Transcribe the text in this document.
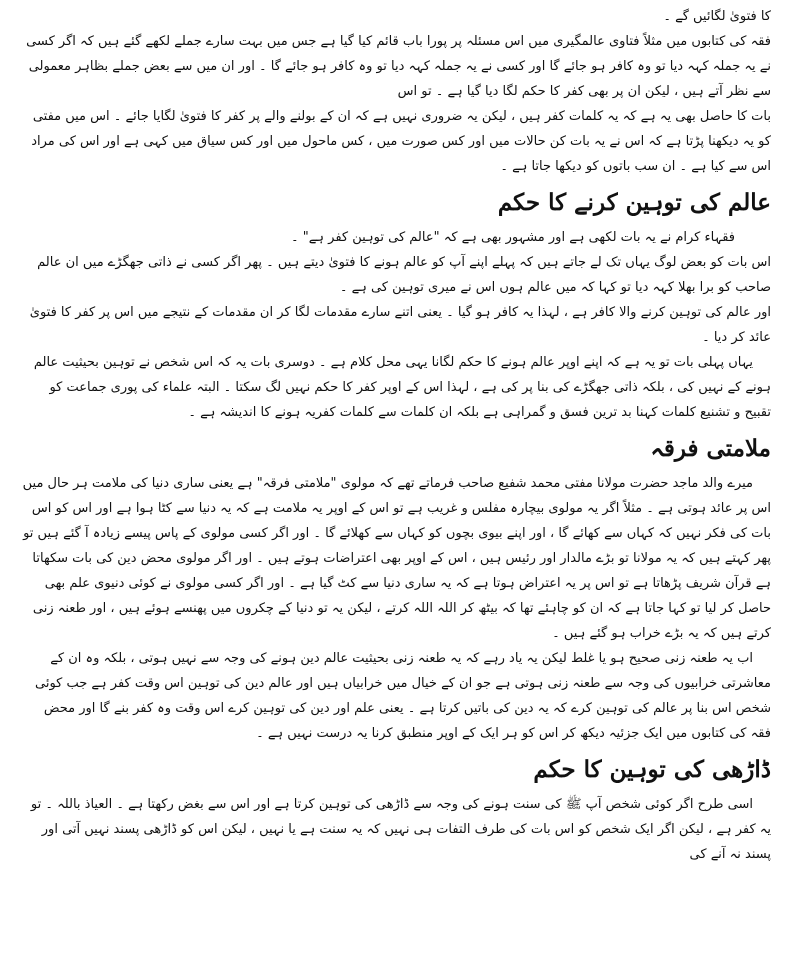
کا فتویٰ لگائیں گے ۔

فقہ کی کتابوں میں مثلاً فتاوی عالمگیری میں اس مسئلہ پر پورا باب قائم کیا گیا ہے جس میں بہت سارے جملے لکھے گئے ہیں کہ اگر کسی نے یہ جملہ کہہ دیا تو وہ کافر ہو جائے گا اور کسی نے یہ جملہ کہہ دیا تو وہ کافر ہو جائے گا ۔ اور ان میں سے بعض جملے بظاہر معمولی سے نظر آتے ہیں ، لیکن ان پر بھی کفر کا حکم لگا دیا گیا ہے ۔ تو اس

بات کا حاصل بھی یہ ہے کہ یہ کلمات کفر ہیں ، لیکن یہ ضروری نہیں ہے کہ ان کے بولنے والے پر کفر کا فتویٰ لگایا جائے ۔ اس میں مفتی کو یہ دیکھنا پڑتا ہے کہ اس نے یہ بات کن حالات میں اور کس صورت میں ، کس ماحول میں اور کس سیاق میں کہی ہے اور اس کی مراد اس سے کیا ہے ۔ ان سب باتوں کو دیکھا جاتا ہے ۔

عالم کی توہین کرنے کا حکم

فقہاء کرام نے یہ بات لکھی ہے اور مشہور بھی ہے کہ "عالم کی توہین کفر ہے" ۔

اس بات کو بعض لوگ یہاں تک لے جاتے ہیں کہ پہلے اپنے آپ کو عالم ہونے کا فتویٰ دیتے ہیں ۔ پھر اگر کسی نے ذاتی جھگڑے میں ان عالم صاحب کو برا بھلا کہہ دیا تو کہا کہ میں عالم ہوں اس نے میری توہین کی ہے ۔

اور عالم کی توہین کرنے والا کافر ہے ، لہذا یہ کافر ہو گیا ۔ یعنی اتنے سارے مقدمات لگا کر ان مقدمات کے نتیجے میں اس پر کفر کا فتویٰ عائد کر دیا ۔

یہاں پہلی بات تو یہ ہے کہ اپنے اوپر عالم ہونے کا حکم لگانا یہی محل کلام ہے ۔ دوسری بات یہ کہ اس شخص نے توہین بحیثیت عالم ہونے کے نہیں کی ، بلکہ ذاتی جھگڑے کی بنا پر کی ہے ، لہذا اس کے اوپر کفر کا حکم نہیں لگ سکتا ۔ البتہ علماء کی پوری جماعت کو تقبیح و تشنیع کلمات کہنا بد ترین فسق و گمراہی ہے بلکہ ان کلمات سے کلمات کفریہ ہونے کا اندیشہ ہے ۔

ملامتی فرقہ

میرے والد ماجد حضرت مولانا مفتی محمد شفیع صاحب فرماتے تھے کہ مولوی "ملامتی فرقہ" ہے یعنی ساری دنیا کی ملامت ہر حال میں اس پر عائد ہوتی ہے ۔ مثلاً اگر یہ مولوی بیچارہ مفلس و غریب ہے تو اس کے اوپر یہ ملامت ہے کہ یہ دنیا سے کٹا ہوا ہے اور اس کو اس بات کی فکر نہیں کہ کہاں سے کھائے گا ، اور اپنے بیوی بچوں کو کہاں سے کھلائے گا ۔ اور اگر کسی مولوی کے پاس پیسے زیادہ آ گئے ہیں تو پھر کہتے ہیں کہ یہ مولانا تو بڑے مالدار اور رئیس ہیں ، اس کے اوپر بھی اعتراضات ہوتے ہیں ۔ اور اگر مولوی محض دین کی بات سکھاتا ہے قرآن شریف پڑھاتا ہے تو اس پر یہ اعتراض ہوتا ہے کہ یہ ساری دنیا سے کٹ گیا ہے ۔ اور اگر کسی مولوی نے کوئی دنیوی علم بھی حاصل کر لیا تو کہا جاتا ہے کہ ان کو چاہئے تھا کہ بیٹھ کر اللہ اللہ کرتے ، لیکن یہ تو دنیا کے چکروں میں پھنسے ہوئے ہیں ، اور طعنہ زنی کرتے ہیں کہ یہ بڑے خراب ہو گئے ہیں ۔

اب یہ طعنہ زنی صحیح ہو یا غلط لیکن یہ یاد رہے کہ یہ طعنہ زنی بحیثیت عالم دین ہونے کی وجہ سے نہیں ہوتی ، بلکہ وہ ان کے معاشرتی خرابیوں کی وجہ سے طعنہ زنی ہوتی ہے جو ان کے خیال میں خرابیاں ہیں اور عالم دین کی توہین اس وقت کفر ہے جب کوئی شخص اس بنا پر عالم کی توہین کرے کہ یہ دین کی باتیں کرتا ہے ۔ یعنی علم اور دین کی توہین کرے اس وقت وہ کفر بنے گا اور محض فقہ کی کتابوں میں ایک جزئیہ دیکھ کر اس کو ہر ایک کے اوپر منطبق کرنا یہ درست نہیں ہے ۔

ڈاڑھی کی توہین کا حکم

اسی طرح اگر کوئی شخص آپ ﷺ کی سنت ہونے کی وجہ سے ڈاڑھی کی توہین کرتا ہے اور اس سے بغض رکھتا ہے ۔ العیاذ باللہ ۔ تو یہ کفر ہے ، لیکن اگر ایک شخص کو اس بات کی طرف التفات ہی نہیں کہ یہ سنت ہے یا نہیں ، لیکن اس کو ڈاڑھی پسند نہیں آتی اور پسند نہ آنے کی
